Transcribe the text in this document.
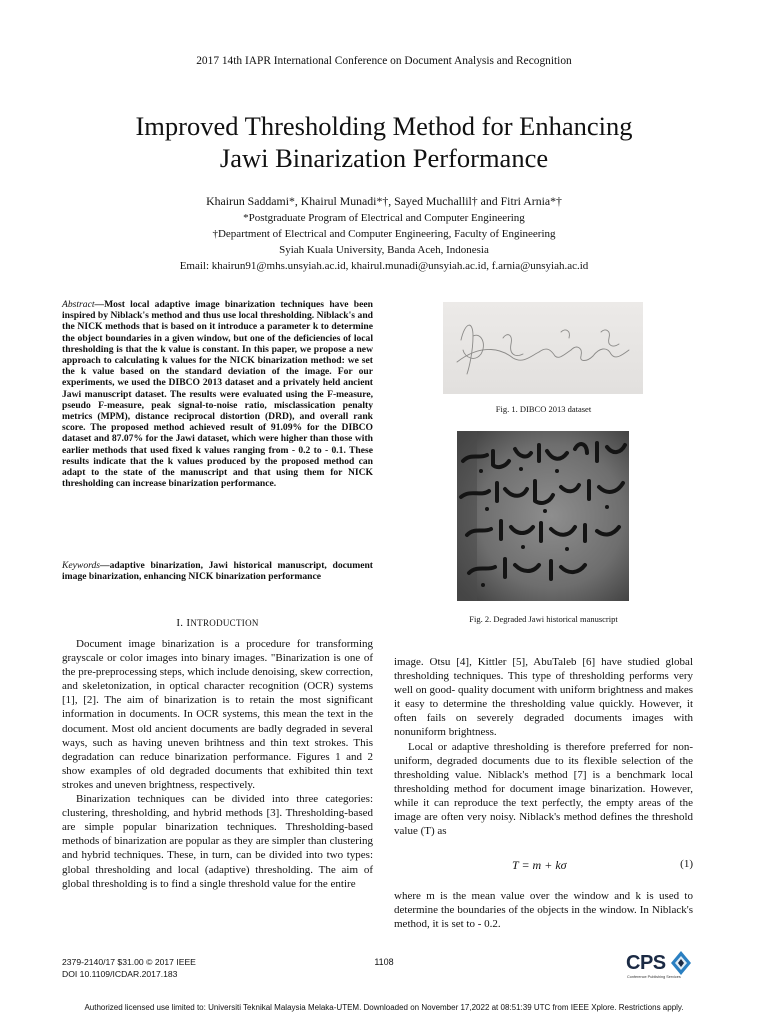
2017 14th IAPR International Conference on Document Analysis and Recognition
Improved Thresholding Method for Enhancing
Jawi Binarization Performance
Khairun Saddami*, Khairul Munadi*†, Sayed Muchallil† and Fitri Arnia*†
*Postgraduate Program of Electrical and Computer Engineering
†Department of Electrical and Computer Engineering, Faculty of Engineering
Syiah Kuala University, Banda Aceh, Indonesia
Email: khairun91@mhs.unsyiah.ac.id, khairul.munadi@unsyiah.ac.id, f.arnia@unsyiah.ac.id
Abstract—Most local adaptive image binarization techniques have been inspired by Niblack's method and thus use local thresholding. Niblack's and the NICK methods that is based on it introduce a parameter k to determine the object boundaries in a given window, but one of the deficiencies of local thresholding is that the k value is constant. In this paper, we propose a new approach to calculating k values for the NICK binarization method: we set the k value based on the standard deviation of the image. For our experiments, we used the DIBCO 2013 dataset and a privately held ancient Jawi manuscript dataset. The results were evaluated using the F-measure, pseudo F-measure, peak signal-to-noise ratio, misclassication penalty metrics (MPM), distance reciprocal distortion (DRD), and overall rank score. The proposed method achieved result of 91.09% for the DIBCO dataset and 87.07% for the Jawi dataset, which were higher than those with earlier methods that used fixed k values ranging from - 0.2 to - 0.1. These results indicate that the k values produced by the proposed method can adapt to the state of the manuscript and that using them for NICK thresholding can increase binarization performance.
Keywords—adaptive binarization, Jawi historical manuscript, document image binarization, enhancing NICK binarization performance
I. INTRODUCTION

Document image binarization is a procedure for transforming grayscale or color images into binary images. "Binarization is one of the pre-preprocessing steps, which include denoising, skew correction, and skeletonization, in optical character recognition (OCR) systems [1], [2]. The aim of binarization is to retain the most significant information in documents. In OCR systems, this mean the text in the document. Most old ancient documents are badly degraded in several ways, such as having uneven brihtness and thin text strokes. This degradation can reduce binarization performance. Figures 1 and 2 show examples of old degraded documents that exhibited thin text strokes and uneven brightness, respectively.

Binarization techniques can be divided into three categories: clustering, thresholding, and hybrid methods [3]. Thresholding-based are simple popular binarization techniques. Thresholding-based methods of binarization are popular as they are simpler than clustering and hybrid techniques. These, in turn, can be divided into two types: global thresholding and local (adaptive) thresholding. The aim of global thresholding is to find a single threshold value for the entire

Fig. 1. DIBCO 2013 dataset
Fig. 2. Degraded Jawi historical manuscript

image. Otsu [4], Kittler [5], AbuTaleb [6] have studied global thresholding techniques. This type of thresholding performs very well on good- quality document with uniform brightness and makes it easy to determine the thresholding value quickly. However, it often fails on severely degraded documents images with nonuniform brightness.

Local or adaptive thresholding is therefore preferred for non-uniform, degraded documents due to its flexible selection of the thresholding value. Niblack's method [7] is a benchmark local thresholding method for document image binarization. However, while it can reproduce the text perfectly, the empty areas of the image are often very noisy. Niblack's method defines the threshold value (T) as

T = m + kσ	(1)

where m is the mean value over the window and k is used to determine the boundaries of the objects in the window. In Niblack's method, it is set to - 0.2.

2379-2140/17 $31.00 © 2017 IEEE
DOI 10.1109/ICDAR.2017.183
1108	CPS
Conference Publishing Services
Authorized licensed use limited to: Universiti Teknikal Malaysia Melaka-UTEM. Downloaded on November 17,2022 at 08:51:39 UTC from IEEE Xplore. Restrictions apply.
